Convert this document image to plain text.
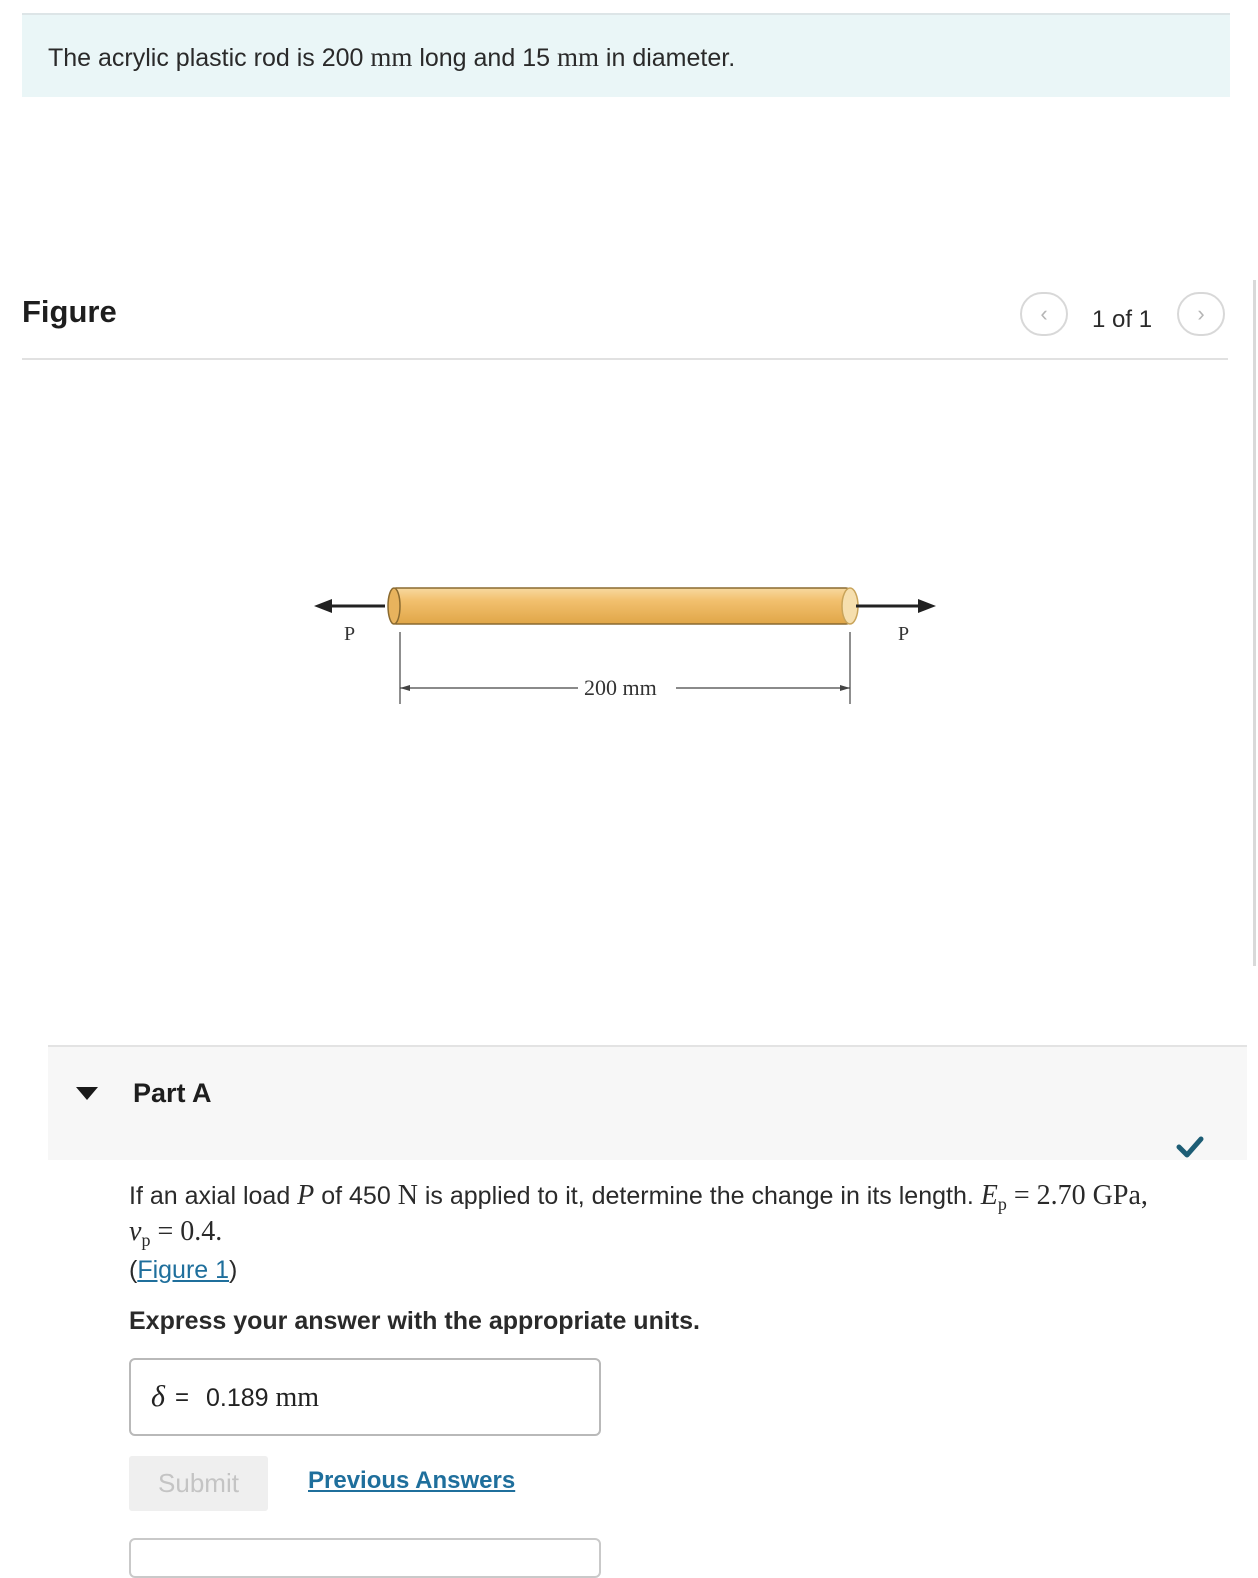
The acrylic plastic rod is 200 mm long and 15 mm in diameter.
Figure	‹ 1 of 1 ›
P	P
200 mm
Part A
If an axial load P of 450 N is applied to it, determine the change in its length. $E_p = 2.70$ GPa,
$\nu_p = 0.4$.
(Figure 1)
Express your answer with the appropriate units.
δ = 0.189 mm
Submit	Previous Answers
